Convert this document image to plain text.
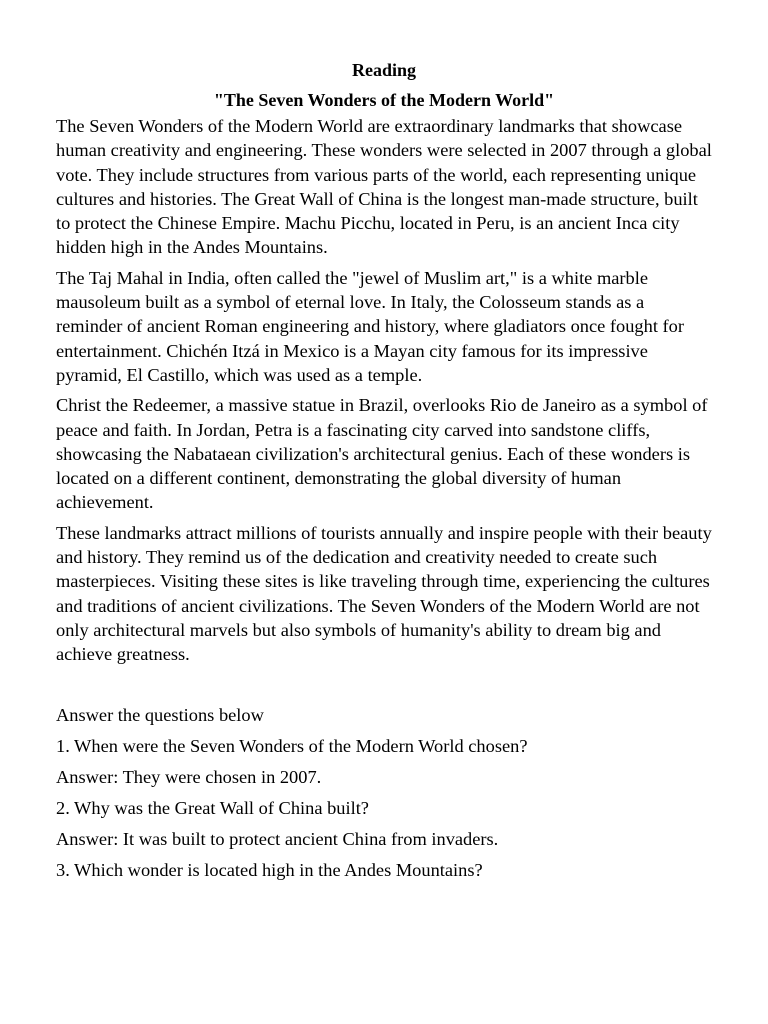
Reading

"The Seven Wonders of the Modern World"

The Seven Wonders of the Modern World are extraordinary landmarks that showcase human creativity and engineering. These wonders were selected in 2007 through a global vote. They include structures from various parts of the world, each representing unique cultures and histories. The Great Wall of China is the longest man-made structure, built to protect the Chinese Empire. Machu Picchu, located in Peru, is an ancient Inca city hidden high in the Andes Mountains.

The Taj Mahal in India, often called the "jewel of Muslim art," is a white marble mausoleum built as a symbol of eternal love. In Italy, the Colosseum stands as a reminder of ancient Roman engineering and history, where gladiators once fought for entertainment. Chichén Itzá in Mexico is a Mayan city famous for its impressive pyramid, El Castillo, which was used as a temple.

Christ the Redeemer, a massive statue in Brazil, overlooks Rio de Janeiro as a symbol of peace and faith. In Jordan, Petra is a fascinating city carved into sandstone cliffs, showcasing the Nabataean civilization's architectural genius. Each of these wonders is located on a different continent, demonstrating the global diversity of human achievement.

These landmarks attract millions of tourists annually and inspire people with their beauty and history. They remind us of the dedication and creativity needed to create such masterpieces. Visiting these sites is like traveling through time, experiencing the cultures and traditions of ancient civilizations. The Seven Wonders of the Modern World are not only architectural marvels but also symbols of humanity's ability to dream big and achieve greatness.

Answer the questions below

1. When were the Seven Wonders of the Modern World chosen?

Answer: They were chosen in 2007.

2. Why was the Great Wall of China built?

Answer: It was built to protect ancient China from invaders.

3. Which wonder is located high in the Andes Mountains?
